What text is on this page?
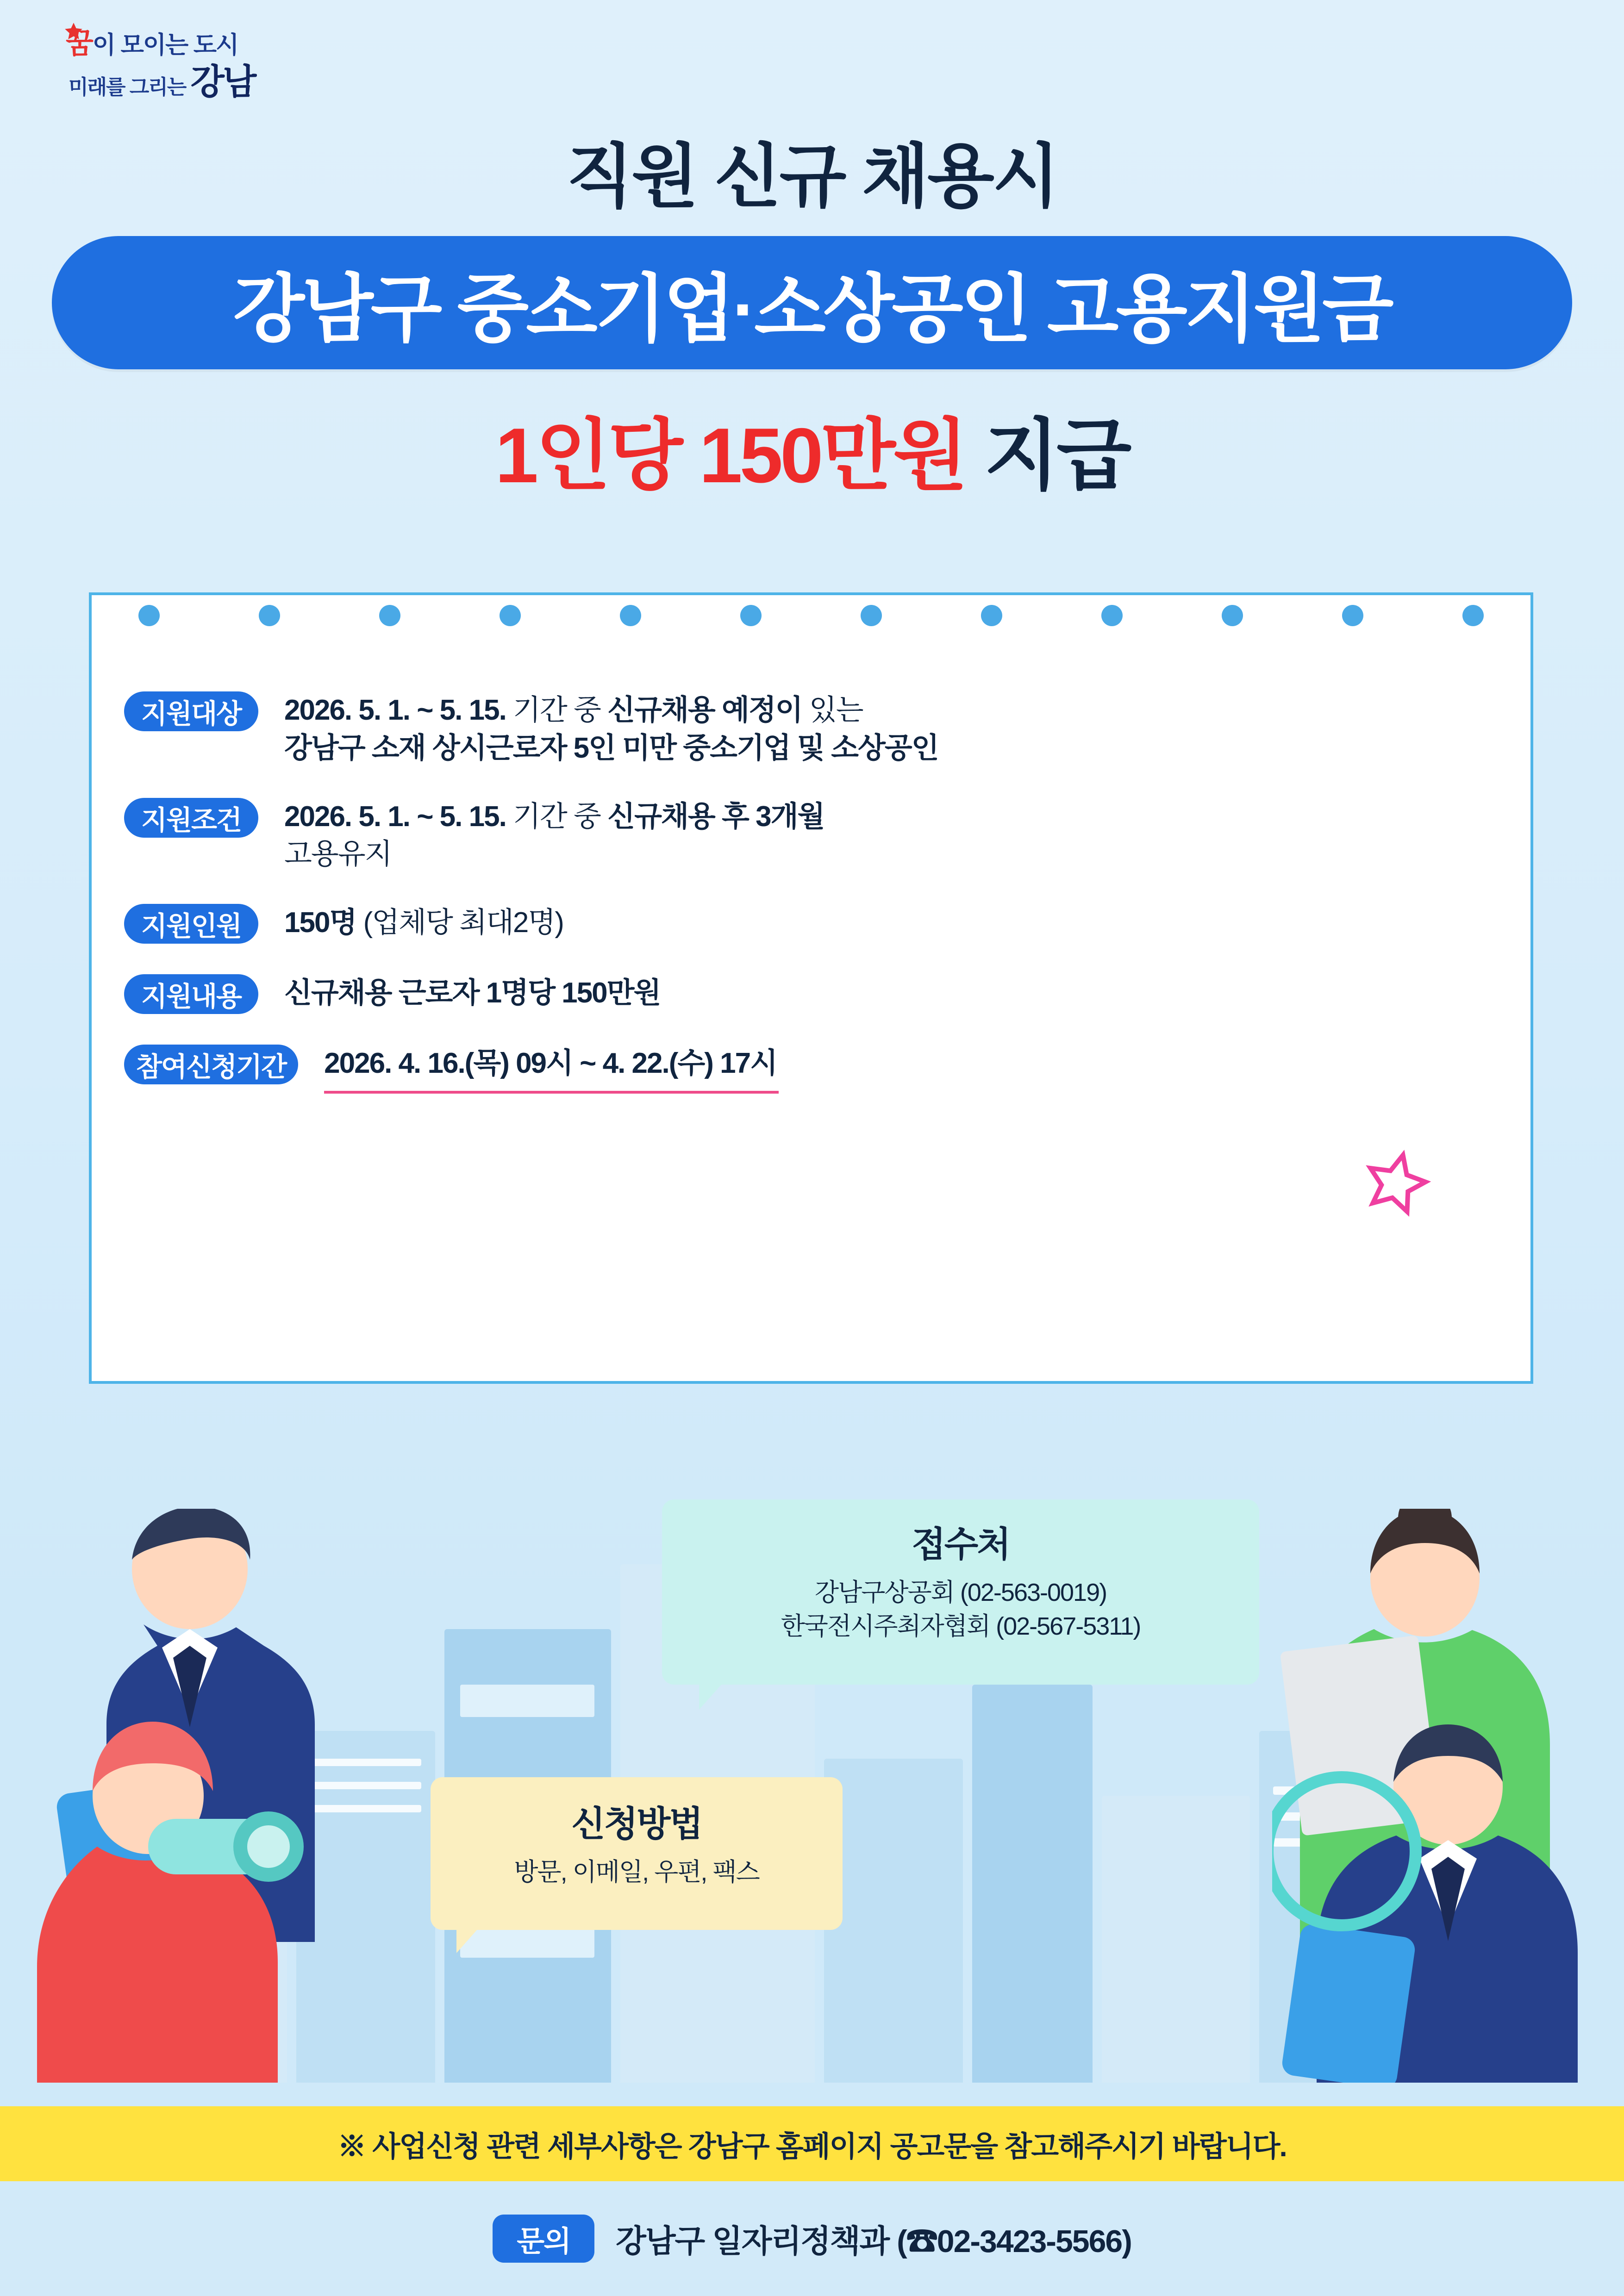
꿈이 모이는 도시
미래를 그리는 강남
직원 신규 채용시
강남구 중소기업·소상공인 고용지원금
1인당 150만원 지급
지원대상	2026. 5. 1. ~ 5. 15. 기간 중 신규채용 예정이 있는
강남구 소재 상시근로자 5인 미만 중소기업 및 소상공인
지원조건	2026. 5. 1. ~ 5. 15. 기간 중 신규채용 후 3개월
고용유지
지원인원	150명 (업체당 최대2명)
지원내용	신규채용 근로자 1명당 150만원
참여신청기간	2026. 4. 16.(목) 09시 ~ 4. 22.(수) 17시
접수처
강남구상공회 (02-563-0019)
한국전시주최자협회 (02-567-5311)
신청방법
방문, 이메일, 우편, 팩스
※ 사업신청 관련 세부사항은 강남구 홈페이지 공고문을 참고해주시기 바랍니다.
문의	강남구 일자리정책과 (☎02-3423-5566)
